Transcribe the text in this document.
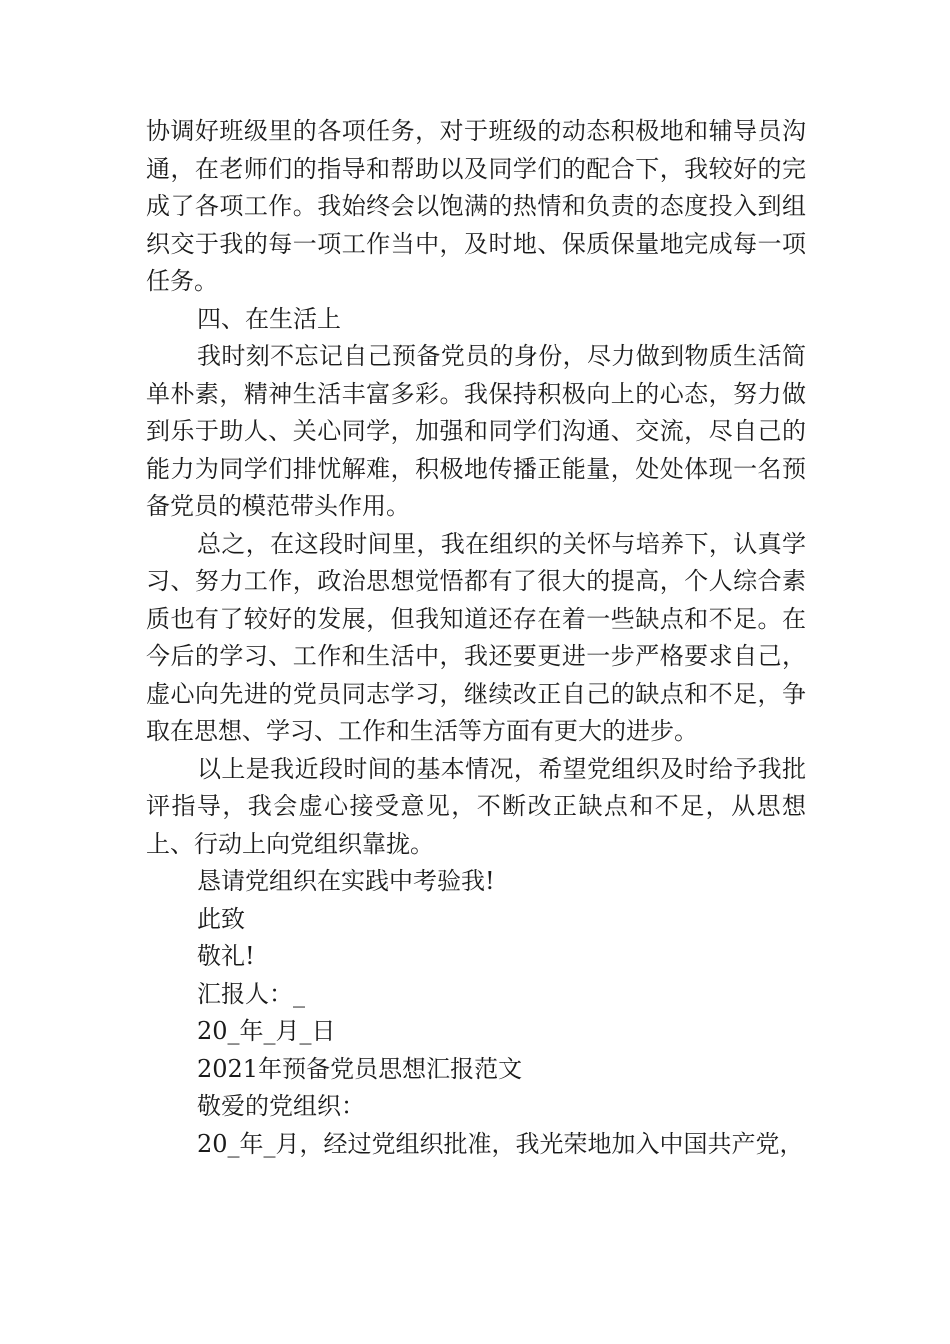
协调好班级里的各项任务，对于班级的动态积极地和辅导员沟通，在老师们的指导和帮助以及同学们的配合下，我较好的完成了各项工作。我始终会以饱满的热情和负责的态度投入到组织交于我的每一项工作当中，及时地、保质保量地完成每一项任务。

四、在生活上

我时刻不忘记自己预备党员的身份，尽力做到物质生活简单朴素，精神生活丰富多彩。我保持积极向上的心态，努力做到乐于助人、关心同学，加强和同学们沟通、交流，尽自己的能力为同学们排忧解难，积极地传播正能量，处处体现一名预备党员的模范带头作用。

总之，在这段时间里，我在组织的关怀与培养下，认真学习、努力工作，政治思想觉悟都有了很大的提高，个人综合素质也有了较好的发展，但我知道还存在着一些缺点和不足。在今后的学习、工作和生活中，我还要更进一步严格要求自己，虚心向先进的党员同志学习，继续改正自己的缺点和不足，争取在思想、学习、工作和生活等方面有更大的进步。

以上是我近段时间的基本情况，希望党组织及时给予我批评指导，我会虚心接受意见，不断改正缺点和不足，从思想上、行动上向党组织靠拢。

恳请党组织在实践中考验我!

此致

敬礼!

汇报人：_

20_年_月_日

2021年预备党员思想汇报范文

敬爱的党组织：

20_年_月，经过党组织批准，我光荣地加入中国共产党，
